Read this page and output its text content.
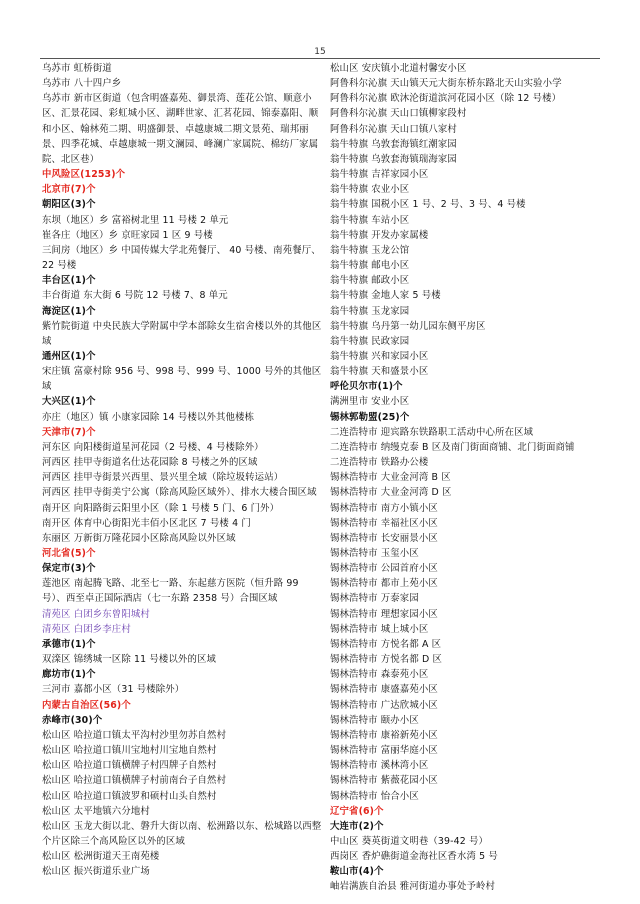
15
乌苏市 虹桥街道
乌苏市 八十四户乡
乌苏市 新市区街道（包含明盛嘉苑、御景湾、莲花公馆、顺意小区、汇景花园、彩虹城小区、湖畔世家、汇茗花园、锦泰嘉阳、顺和小区、翰林苑二期、明盛御景、卓越康城二期文景苑、瑞邦丽景、四季花城、卓越康城一期文澜园、峰澜广家属院、棉纺厂家属院、北区巷）
中风险区(1253)个
北京市(7)个
朝阳区(3)个
东坝（地区）乡 富裕树北里 11 号楼 2 单元
崔各庄（地区）乡 京旺家园 1 区 9 号楼
三间房（地区）乡 中国传媒大学北苑餐厅、 40 号楼、南苑餐厅、 22 号楼
丰台区(1)个
丰台街道 东大街 6 号院 12 号楼 7、8 单元
海淀区(1)个
紫竹院街道 中央民族大学附属中学本部除女生宿舍楼以外的其他区域
通州区(1)个
宋庄镇 富豪村除 956 号、998 号、999 号、1000 号外的其他区域
大兴区(1)个
亦庄（地区）镇 小康家园除 14 号楼以外其他楼栋
天津市(7)个
河东区 向阳楼街道星河花园（2 号楼、4 号楼除外）
河西区 挂甲寺街道名仕达花园除 8 号楼之外的区域
河西区 挂甲寺街景兴西里、景兴里全域（除垃圾转运站）
河西区 挂甲寺街美宁公寓（除高风险区域外）、排水大楼合围区域
南开区 向阳路街云阳里小区（除 1 号楼 5 门、6 门外）
南开区 体育中心街阳光丰佰小区北区 7 号楼 4 门
东丽区 万新街万隆花园小区除高风险以外区域
河北省(5)个
保定市(3)个
莲池区 南起腾飞路、北至七一路、东起慈方医院（恒升路 99 号）、西至卓正国际酒店（七一东路 2358 号）合围区域
清苑区 白团乡东曾阳城村
清苑区 白团乡李庄村
承德市(1)个
双滦区 锦绣城一区除 11 号楼以外的区域
廊坊市(1)个
三河市 嘉都小区（31 号楼除外）
内蒙古自治区(56)个
赤峰市(30)个
松山区 哈拉道口镇太平沟村沙里勿苏自然村
松山区 哈拉道口镇川宝地村川宝地自然村
松山区 哈拉道口镇横牌子村四牌子自然村
松山区 哈拉道口镇横牌子村前南台子自然村
松山区 哈拉道口镇波罗和硕村山头自然村
松山区 太平地镇六分地村
松山区 玉龙大街以北、磐升大街以南、松洲路以东、松城路以西整个片区除三个高风险区以外的区域
松山区 松洲街道天王南苑楼
松山区 振兴街道乐业广场
松山区 安庆镇小北道村馨安小区
阿鲁科尔沁旗 天山镇天元大街东桥东路北天山实验小学
阿鲁科尔沁旗 欧沐沦街道滨河花园小区（除 12 号楼）
阿鲁科尔沁旗 天山口镇柳家段村
阿鲁科尔沁旗 天山口镇八家村
翁牛特旗 乌敦套海镇红潮家园
翁牛特旗 乌敦套海镇瑞海家园
翁牛特旗 吉祥家园小区
翁牛特旗 农业小区
翁牛特旗 国税小区 1 号、2 号、3 号、4 号楼
翁牛特旗 车站小区
翁牛特旗 开发办家属楼
翁牛特旗 玉龙公馆
翁牛特旗 邮电小区
翁牛特旗 邮政小区
翁牛特旗 金地人家 5 号楼
翁牛特旗 玉龙家园
翁牛特旗 乌丹第一幼儿园东侧平房区
翁牛特旗 民政家园
翁牛特旗 兴和家园小区
翁牛特旗 天和盛景小区
呼伦贝尔市(1)个
满洲里市 安业小区
锡林郭勒盟(25)个
二连浩特市 迎宾路东铁路职工活动中心所在区域
二连浩特市 纳缦克泰 B 区及南门街面商铺、北门街面商铺
二连浩特市 铁路办公楼
锡林浩特市 大业金河湾 B 区
锡林浩特市 大业金河湾 D 区
锡林浩特市 南方小镇小区
锡林浩特市 幸福社区小区
锡林浩特市 长安丽景小区
锡林浩特市 玉玺小区
锡林浩特市 公园首府小区
锡林浩特市 都市上苑小区
锡林浩特市 万泰家园
锡林浩特市 理想家园小区
锡林浩特市 城上城小区
锡林浩特市 方悦名都 A 区
锡林浩特市 方悦名都 D 区
锡林浩特市 森泰苑小区
锡林浩特市 康盛嘉苑小区
锡林浩特市 广达欣城小区
锡林浩特市 颐办小区
锡林浩特市 康裕新苑小区
锡林浩特市 富丽华庭小区
锡林浩特市 溪林湾小区
锡林浩特市 紫薇花园小区
锡林浩特市 怡合小区
辽宁省(6)个
大连市(2)个
中山区 葵英街道文明巷（39-42 号）
西岗区 香炉礁街道金海社区香水湾 5 号
鞍山市(4)个
岫岩满族自治县 雅河街道办事处予岭村
